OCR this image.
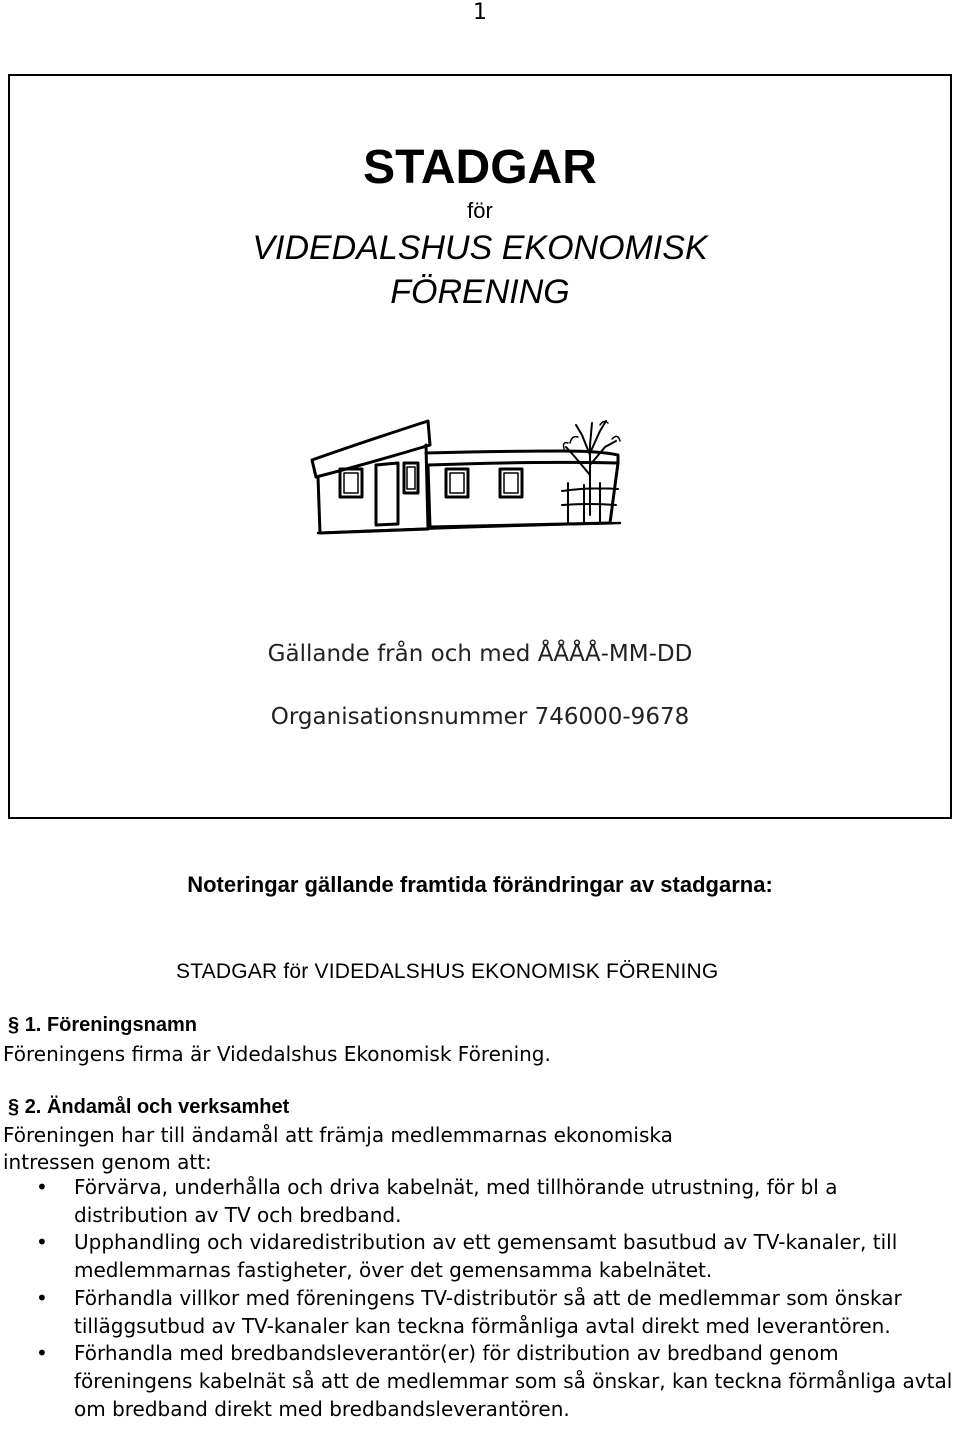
1
STADGAR
för
VIDEDALSHUS EKONOMISK
FÖRENING
Gällande från och med ÅÅÅÅ-MM-DD
Organisationsnummer 746000-9678
Noteringar gällande framtida förändringar av stadgarna:
STADGAR för VIDEDALSHUS EKONOMISK FÖRENING
§ 1. Föreningsnamn
Föreningens firma är Videdalshus Ekonomisk Förening.
§ 2. Ändamål och verksamhet
Föreningen har till ändamål att främja medlemmarnas ekonomiska
intressen genom att:
• Förvärva, underhålla och driva kabelnät, med tillhörande utrustning, för bl a distribution av TV och bredband.
• Upphandling och vidaredistribution av ett gemensamt basutbud av TV-kanaler, till medlemmarnas fastigheter, över det gemensamma kabelnätet.
• Förhandla villkor med föreningens TV-distributör så att de medlemmar som önskar tilläggsutbud av TV-kanaler kan teckna förmånliga avtal direkt med leverantören.
• Förhandla med bredbandsleverantör(er) för distribution av bredband genom föreningens kabelnät så att de medlemmar som så önskar, kan teckna förmånliga avtal om bredband direkt med bredbandsleverantören.
